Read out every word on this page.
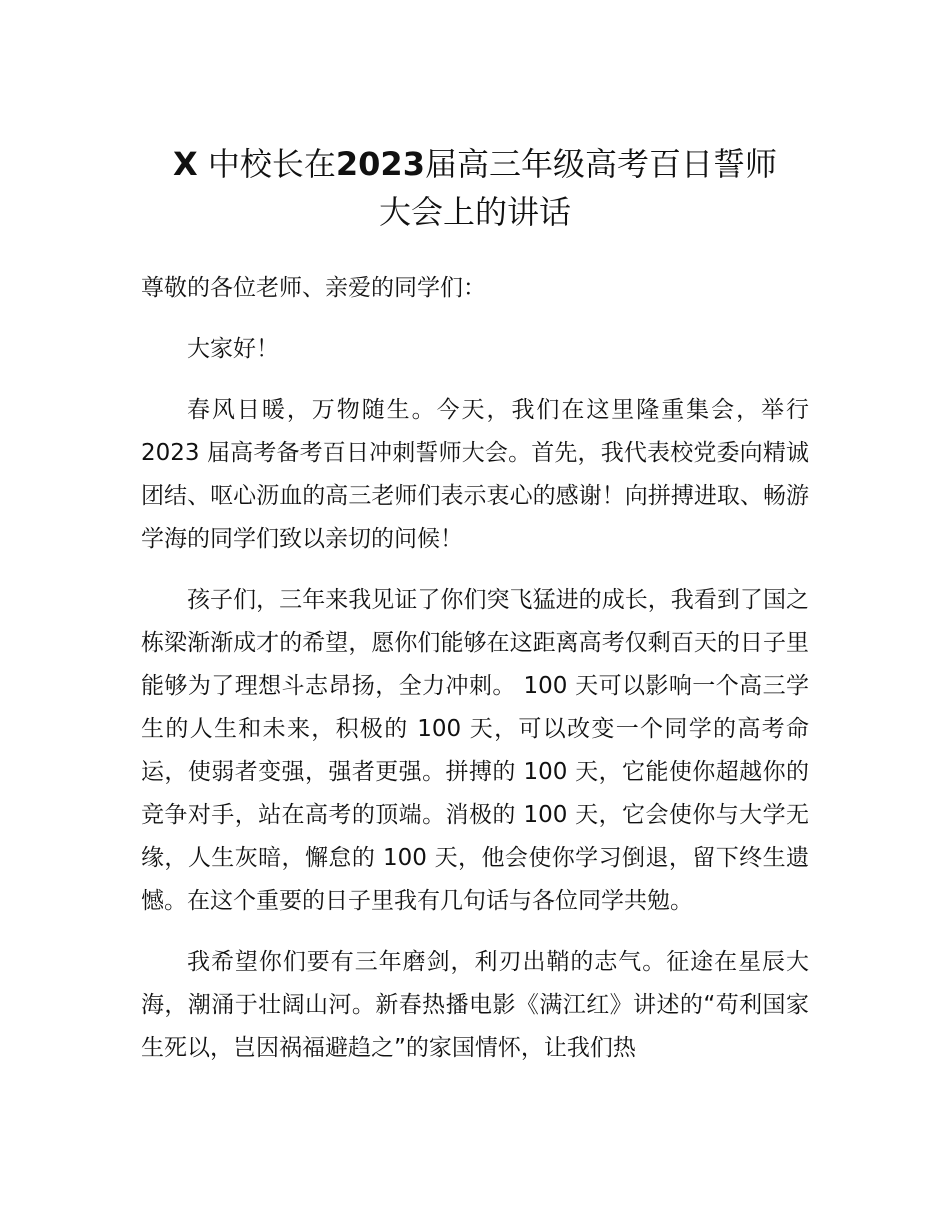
X 中校长在2023届高三年级高考百日誓师
大会上的讲话

尊敬的各位老师、亲爱的同学们：

大家好！

春风日暖，万物随生。今天，我们在这里隆重集会，举行 2023 届高考备考百日冲刺誓师大会。首先，我代表校党委向精诚团结、呕心沥血的高三老师们表示衷心的感谢！向拼搏进取、畅游学海的同学们致以亲切的问候！

孩子们，三年来我见证了你们突飞猛进的成长，我看到了国之栋梁渐渐成才的希望，愿你们能够在这距离高考仅剩百天的日子里能够为了理想斗志昂扬，全力冲刺。 100 天可以影响一个高三学生的人生和未来，积极的 100 天，可以改变一个同学的高考命运，使弱者变强，强者更强。拼搏的 100 天，它能使你超越你的竞争对手，站在高考的顶端。消极的 100 天，它会使你与大学无缘，人生灰暗，懈怠的 100 天，他会使你学习倒退，留下终生遗憾。在这个重要的日子里我有几句话与各位同学共勉。

我希望你们要有三年磨剑，利刃出鞘的志气。征途在星辰大海，潮涌于壮阔山河。新春热播电影《满江红》讲述的“苟利国家生死以，岂因祸福避趋之”的家国情怀，让我们热
